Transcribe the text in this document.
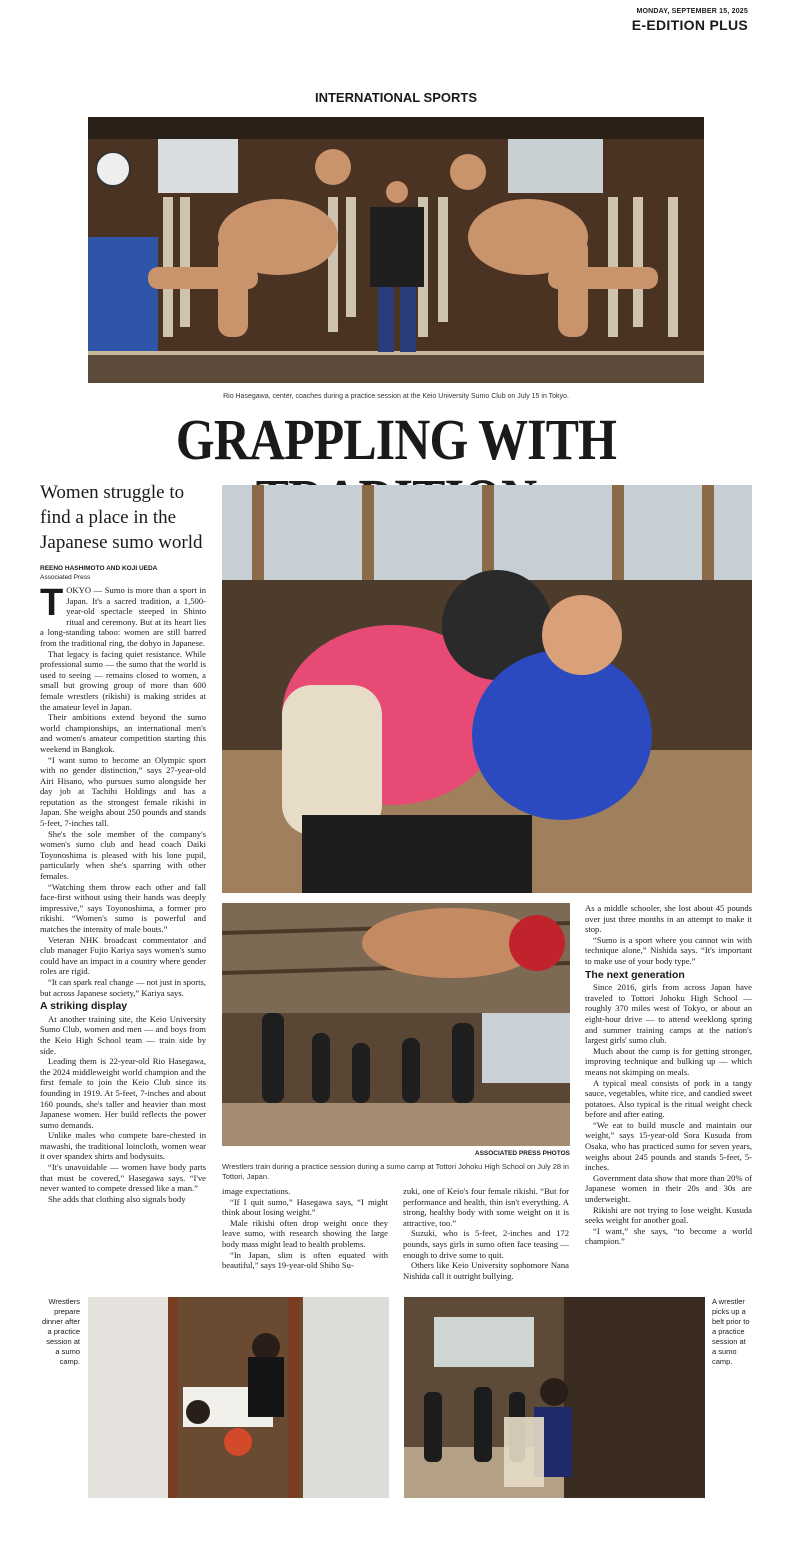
MONDAY, SEPTEMBER 15, 2025
E-EDITION PLUS
INTERNATIONAL SPORTS
Rio Hasegawa, center, coaches during a practice session at the Keio University Sumo Club on July 15 in Tokyo.
GRAPPLING WITH
Women struggle to find a place in the Japanese sumo world
REENO HASHIMOTO AND KOJI UEDA
Associated Press
T OKYO — Sumo is more than a sport in Japan. It's a sacred tradition, a 1,500-year-old spectacle steeped in Shinto ritual and ceremony. But at its heart lies a long-standing taboo: women are still barred from the traditional ring, the dohyo in Japanese.

That legacy is facing quiet resistance. While professional sumo — the sumo that the world is used to seeing — remains closed to women, a small but growing group of more than 600 female wrestlers (rikishi) is making strides at the amateur level in Japan.

Their ambitions extend beyond the sumo world championships, an international men's and women's amateur competition starting this weekend in Bangkok.

“I want sumo to become an Olympic sport with no gender distinction,” says 27-year-old Airi Hisano, who pursues sumo alongside her day job at Tachihi Holdings and has a reputation as the strongest female rikishi in Japan. She weighs about 250 pounds and stands 5-feet, 7-inches tall.

She's the sole member of the company's women's sumo club and head coach Daiki Toyonoshima is pleased with his lone pupil, particularly when she's sparring with other females.

“Watching them throw each other and fall face-first without using their hands was deeply impressive,” says Toyonoshima, a former pro rikishi. “Women's sumo is powerful and matches the intensity of male bouts.”

Veteran NHK broadcast commentator and club manager Fujio Kariya says women's sumo could have an impact in a country where gender roles are rigid.

“It can spark real change — not just in sports, but across Japanese society,” Kariya says.

A striking display

At another training site, the Keio University Sumo Club, women and men — and boys from the Keio High School team — train side by side.

Leading them is 22-year-old Rio Hasegawa, the 2024 middleweight world champion and the first female to join the Keio Club since its founding in 1919. At 5-feet, 7-inches and about 160 pounds, she's taller and heavier than most Japanese women. Her build reflects the power sumo demands.

Unlike males who compete bare-chested in mawashi, the traditional loincloth, women wear it over spandex shirts and bodysuits.

“It's unavoidable — women have body parts that must be covered,” Hasegawa says. “I've never wanted to compete dressed like a man.”

She adds that clothing also signals body

ASSOCIATED PRESS PHOTOS
Wrestlers train during a practice session during a sumo camp at Tottori Johoku High School on July 28 in Tottori, Japan.

image expectations.

“If I quit sumo,” Hasegawa says, “I might think about losing weight.”

Male rikishi often drop weight once they leave sumo, with research showing the large body mass might lead to health problems.

“In Japan, slim is often equated with beautiful,” says 19-year-old Shiho Su-

zuki, one of Keio's four female rikishi. “But for performance and health, thin isn't everything. A strong, healthy body with some weight on it is attractive, too.”

Suzuki, who is 5-feet, 2-inches and 172 pounds, says girls in sumo often face teasing — enough to drive some to quit.

Others like Keio University sophomore Nana Nishida call it outright bullying.

As a middle schooler, she lost about 45 pounds over just three months in an attempt to make it stop.

“Sumo is a sport where you cannot win with technique alone,” Nishida says. “It's important to make use of your body type.”

The next generation

Since 2016, girls from across Japan have traveled to Tottori Johoku High School — roughly 370 miles west of Tokyo, or about an eight-hour drive — to attend weeklong spring and summer training camps at the nation's largest girls' sumo club.

Much about the camp is for getting stronger, improving technique and bulking up — which means not skimping on meals.

A typical meal consists of pork in a tangy sauce, vegetables, white rice, and candied sweet potatoes. Also typical is the ritual weight check before and after eating.

“We eat to build muscle and maintain our weight,” says 15-year-old Sora Kusuda from Osaka, who has practiced sumo for seven years, weighs about 245 pounds and stands 5-feet, 5-inches.

Government data show that more than 20% of Japanese women in their 20s and 30s are underweight.

Rikishi are not trying to lose weight. Kusuda seeks weight for another goal.

“I want,” she says, “to become a world champion.”

Wrestlers prepare dinner after a practice session at a sumo camp.
A wrestler picks up a belt prior to a practice session at a sumo camp.
